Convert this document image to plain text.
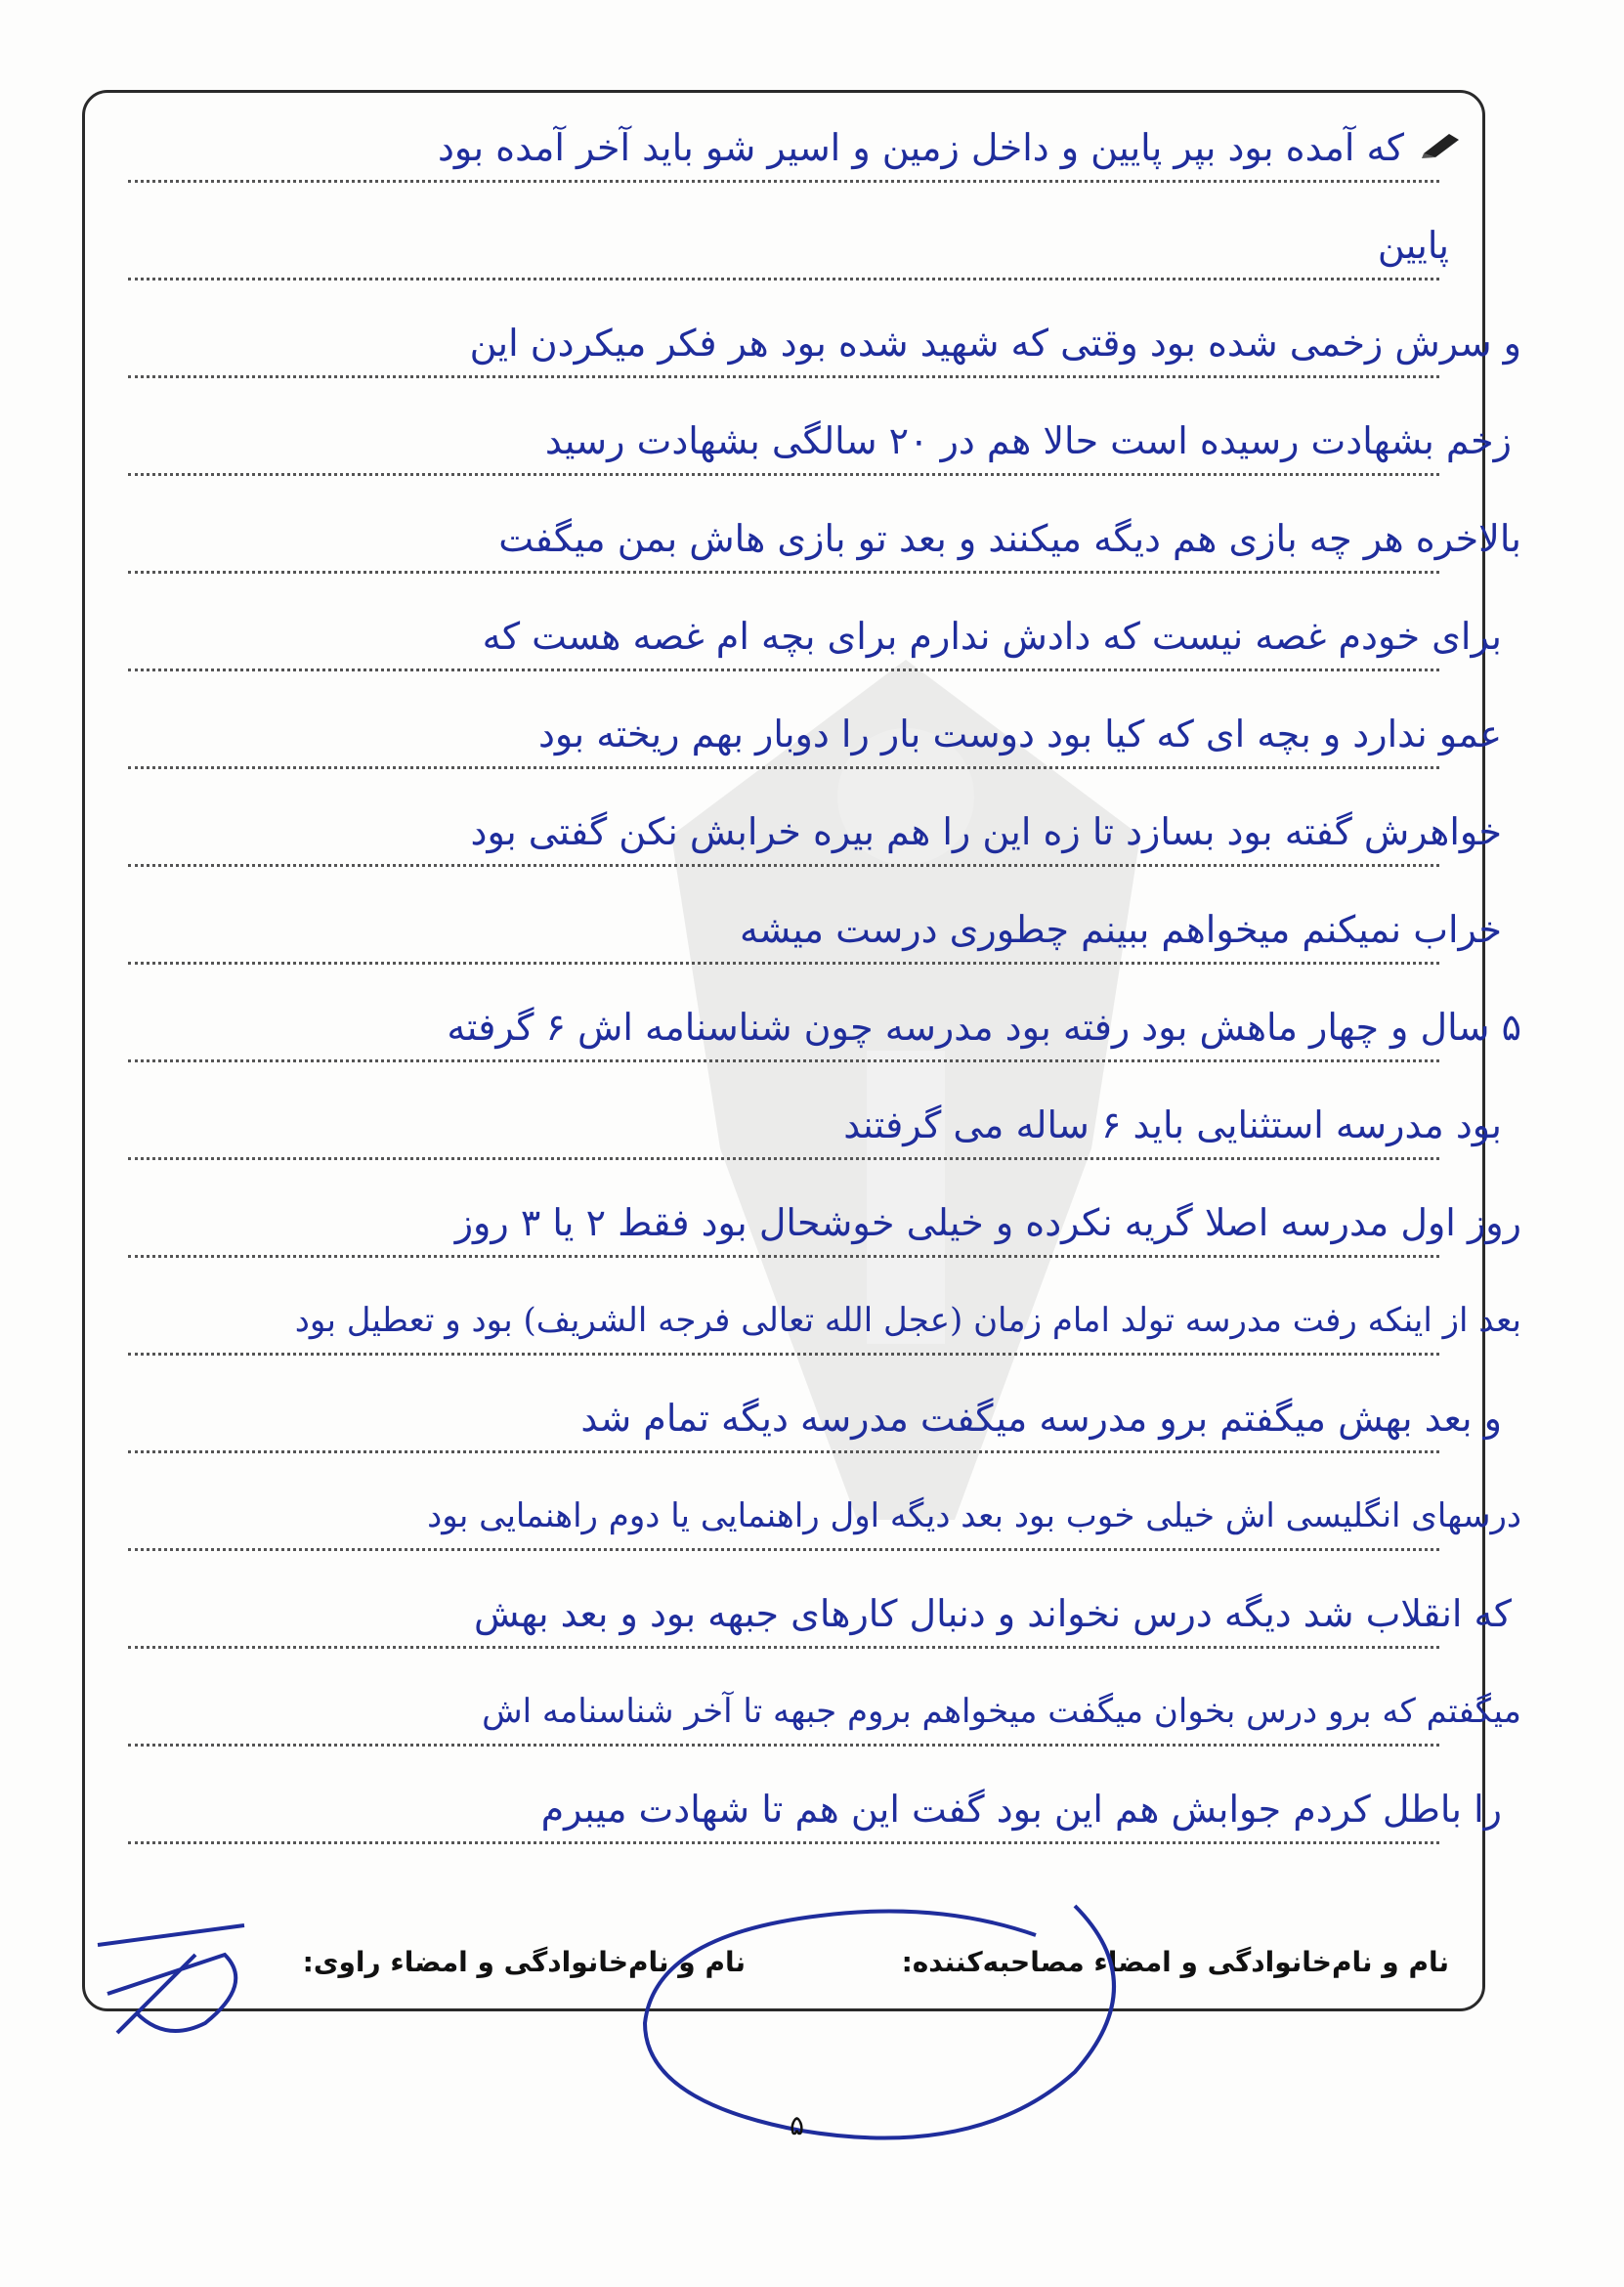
که آمده بود بپر پایین و داخل زمین و اسیر شو باید آخر آمده بود
پایین
و سرش زخمی شده بود وقتی که شهید شده بود هر فکر میکردن این
زخم بشهادت رسیده است حالا هم در ۲۰ سالگی بشهادت رسید
بالاخره هر چه بازی هم دیگه میکنند و بعد تو بازی هاش بمن میگفت
برای خودم غصه نیست که دادش ندارم برای بچه ام غصه هست که
عمو ندارد و بچه ای که کیا بود دوست بار را دوبار بهم ریخته بود
خواهرش گفته بود بسازد تا زه این را هم بیره خرابش نکن گفتی بود
خراب نمیکنم میخواهم ببینم چطوری درست میشه
۵ سال و چهار ماهش بود رفته بود مدرسه چون شناسنامه اش ۶ گرفته
بود مدرسه استثنایی باید ۶ ساله می گرفتند
روز اول مدرسه اصلا گریه نکرده و خیلی خوشحال بود فقط ۲ یا ۳ روز
بعد از اینکه رفت مدرسه تولد امام زمان (عجل الله تعالی فرجه الشریف) بود و تعطیل بود
و بعد بهش میگفتم برو مدرسه میگفت مدرسه دیگه تمام شد
درسهای انگلیسی اش خیلی خوب بود بعد دیگه اول راهنمایی یا دوم راهنمایی بود
که انقلاب شد دیگه درس نخواند و دنبال کارهای جبهه بود و بعد بهش
میگفتم که برو درس بخوان میگفت میخواهم بروم جبهه تا آخر شناسنامه اش
را باطل کردم جوابش هم این بود گفت این هم تا شهادت میبرم
نام و نام‌خانوادگی و امضاء مصاحبه‌کننده:
نام و نام‌خانوادگی و امضاء راوی:
۵
